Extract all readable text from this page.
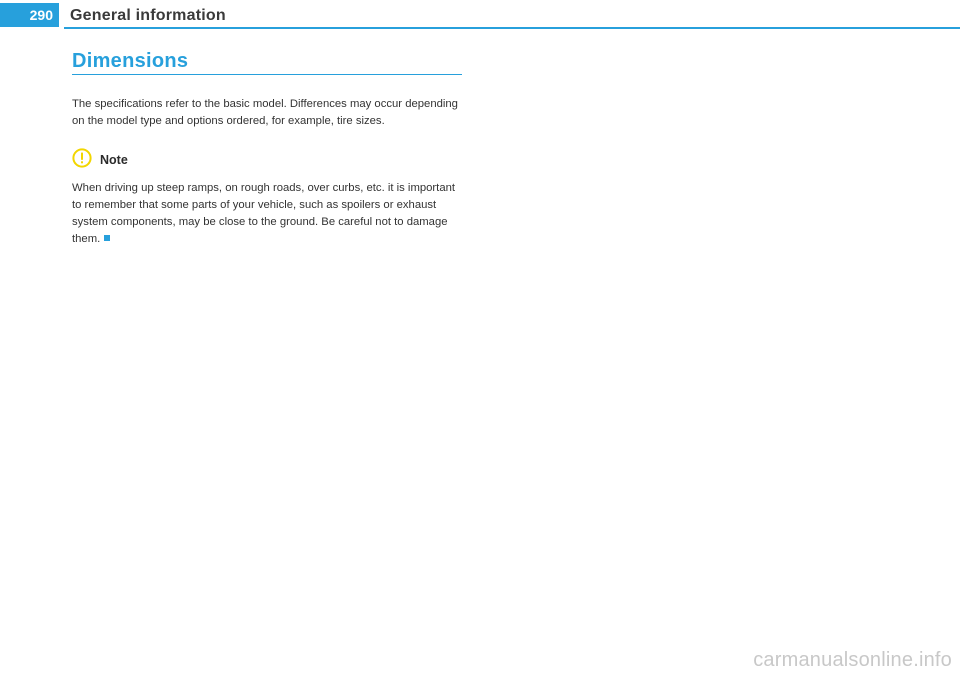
290	General information
Dimensions
The specifications refer to the basic model. Differences may occur depending on the model type and options ordered, for example, tire sizes.
Note
When driving up steep ramps, on rough roads, over curbs, etc. it is important to remember that some parts of your vehicle, such as spoilers or exhaust system components, may be close to the ground. Be careful not to damage them.
carmanualsonline.info
